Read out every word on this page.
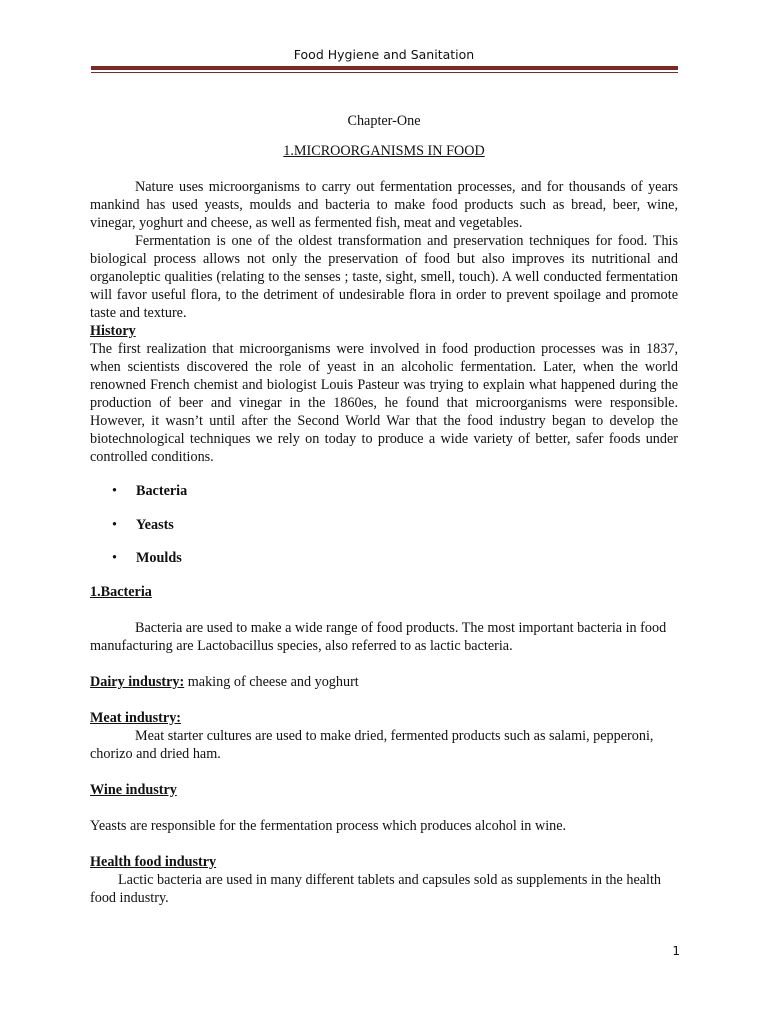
Food Hygiene and Sanitation

Chapter-One

1.MICROORGANISMS IN FOOD

Nature uses microorganisms to carry out fermentation processes, and for thousands of years mankind has used yeasts, moulds and bacteria to make food products such as bread, beer, wine, vinegar, yoghurt and cheese, as well as fermented fish, meat and vegetables.

Fermentation is one of the oldest transformation and preservation techniques for food. This biological process allows not only the preservation of food but also improves its nutritional and organoleptic qualities (relating to the senses ; taste, sight, smell, touch). A well conducted fermentation will favor useful flora, to the detriment of undesirable flora in order to prevent spoilage and promote taste and texture.

History

The first realization that microorganisms were involved in food production processes was in 1837, when scientists discovered the role of yeast in an alcoholic fermentation. Later, when the world renowned French chemist and biologist Louis Pasteur was trying to explain what happened during the production of beer and vinegar in the 1860es, he found that microorganisms were responsible. However, it wasn’t until after the Second World War that the food industry began to develop the biotechnological techniques we rely on today to produce a wide variety of better, safer foods under controlled conditions.

• Bacteria
• Yeasts
• Moulds

1.Bacteria

Bacteria are used to make a wide range of food products. The most important bacteria in food manufacturing are Lactobacillus species, also referred to as lactic bacteria.

Dairy industry: making of cheese and yoghurt

Meat industry:

Meat starter cultures are used to make dried, fermented products such as salami, pepperoni, chorizo and dried ham.

Wine industry

Yeasts are responsible for the fermentation process which produces alcohol in wine.

Health food industry

Lactic bacteria are used in many different tablets and capsules sold as supplements in the health food industry.

1
